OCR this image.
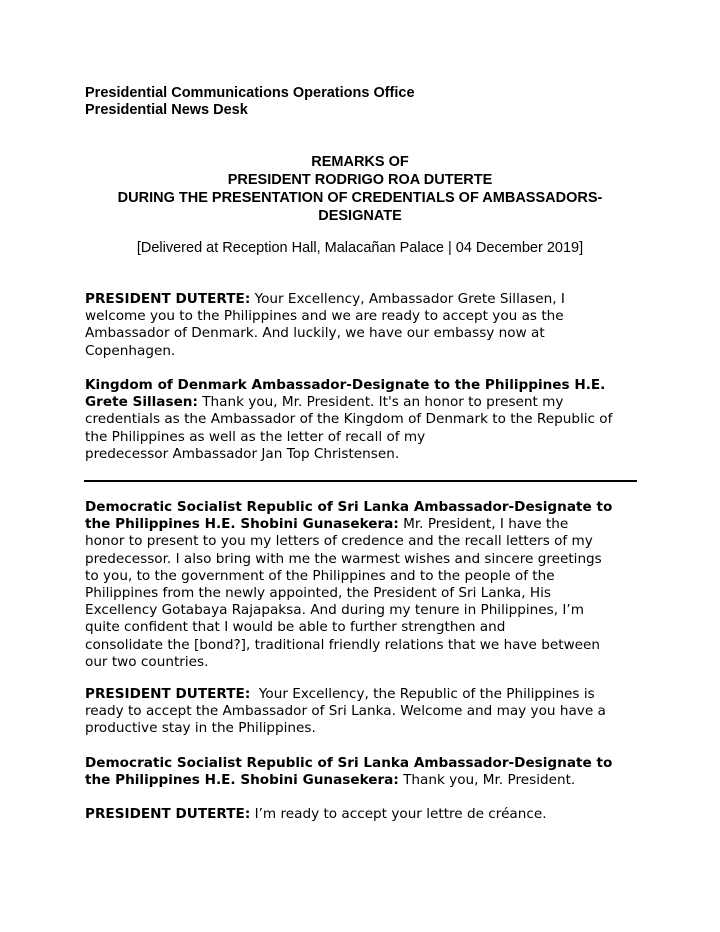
Presidential Communications Operations Office
Presidential News Desk
REMARKS OF
PRESIDENT RODRIGO ROA DUTERTE
DURING THE PRESENTATION OF CREDENTIALS OF AMBASSADORS-
DESIGNATE
[Delivered at Reception Hall, Malacañan Palace | 04 December 2019]
PRESIDENT DUTERTE: Your Excellency, Ambassador Grete Sillasen, I
welcome you to the Philippines and we are ready to accept you as the
Ambassador of Denmark. And luckily, we have our embassy now at
Copenhagen.
Kingdom of Denmark Ambassador-Designate to the Philippines H.E.
Grete Sillasen: Thank you, Mr. President. It's an honor to present my
credentials as the Ambassador of the Kingdom of Denmark to the Republic of
the Philippines as well as the letter of recall of my
predecessor Ambassador Jan Top Christensen.
Democratic Socialist Republic of Sri Lanka Ambassador-Designate to
the Philippines H.E. Shobini Gunasekera: Mr. President, I have the
honor to present to you my letters of credence and the recall letters of my
predecessor. I also bring with me the warmest wishes and sincere greetings
to you, to the government of the Philippines and to the people of the
Philippines from the newly appointed, the President of Sri Lanka, His
Excellency Gotabaya Rajapaksa. And during my tenure in Philippines, I’m
quite confident that I would be able to further strengthen and
consolidate the [bond?], traditional friendly relations that we have between
our two countries.
PRESIDENT DUTERTE:  Your Excellency, the Republic of the Philippines is
ready to accept the Ambassador of Sri Lanka. Welcome and may you have a
productive stay in the Philippines.
Democratic Socialist Republic of Sri Lanka Ambassador-Designate to
the Philippines H.E. Shobini Gunasekera: Thank you, Mr. President.
PRESIDENT DUTERTE: I’m ready to accept your lettre de créance.
